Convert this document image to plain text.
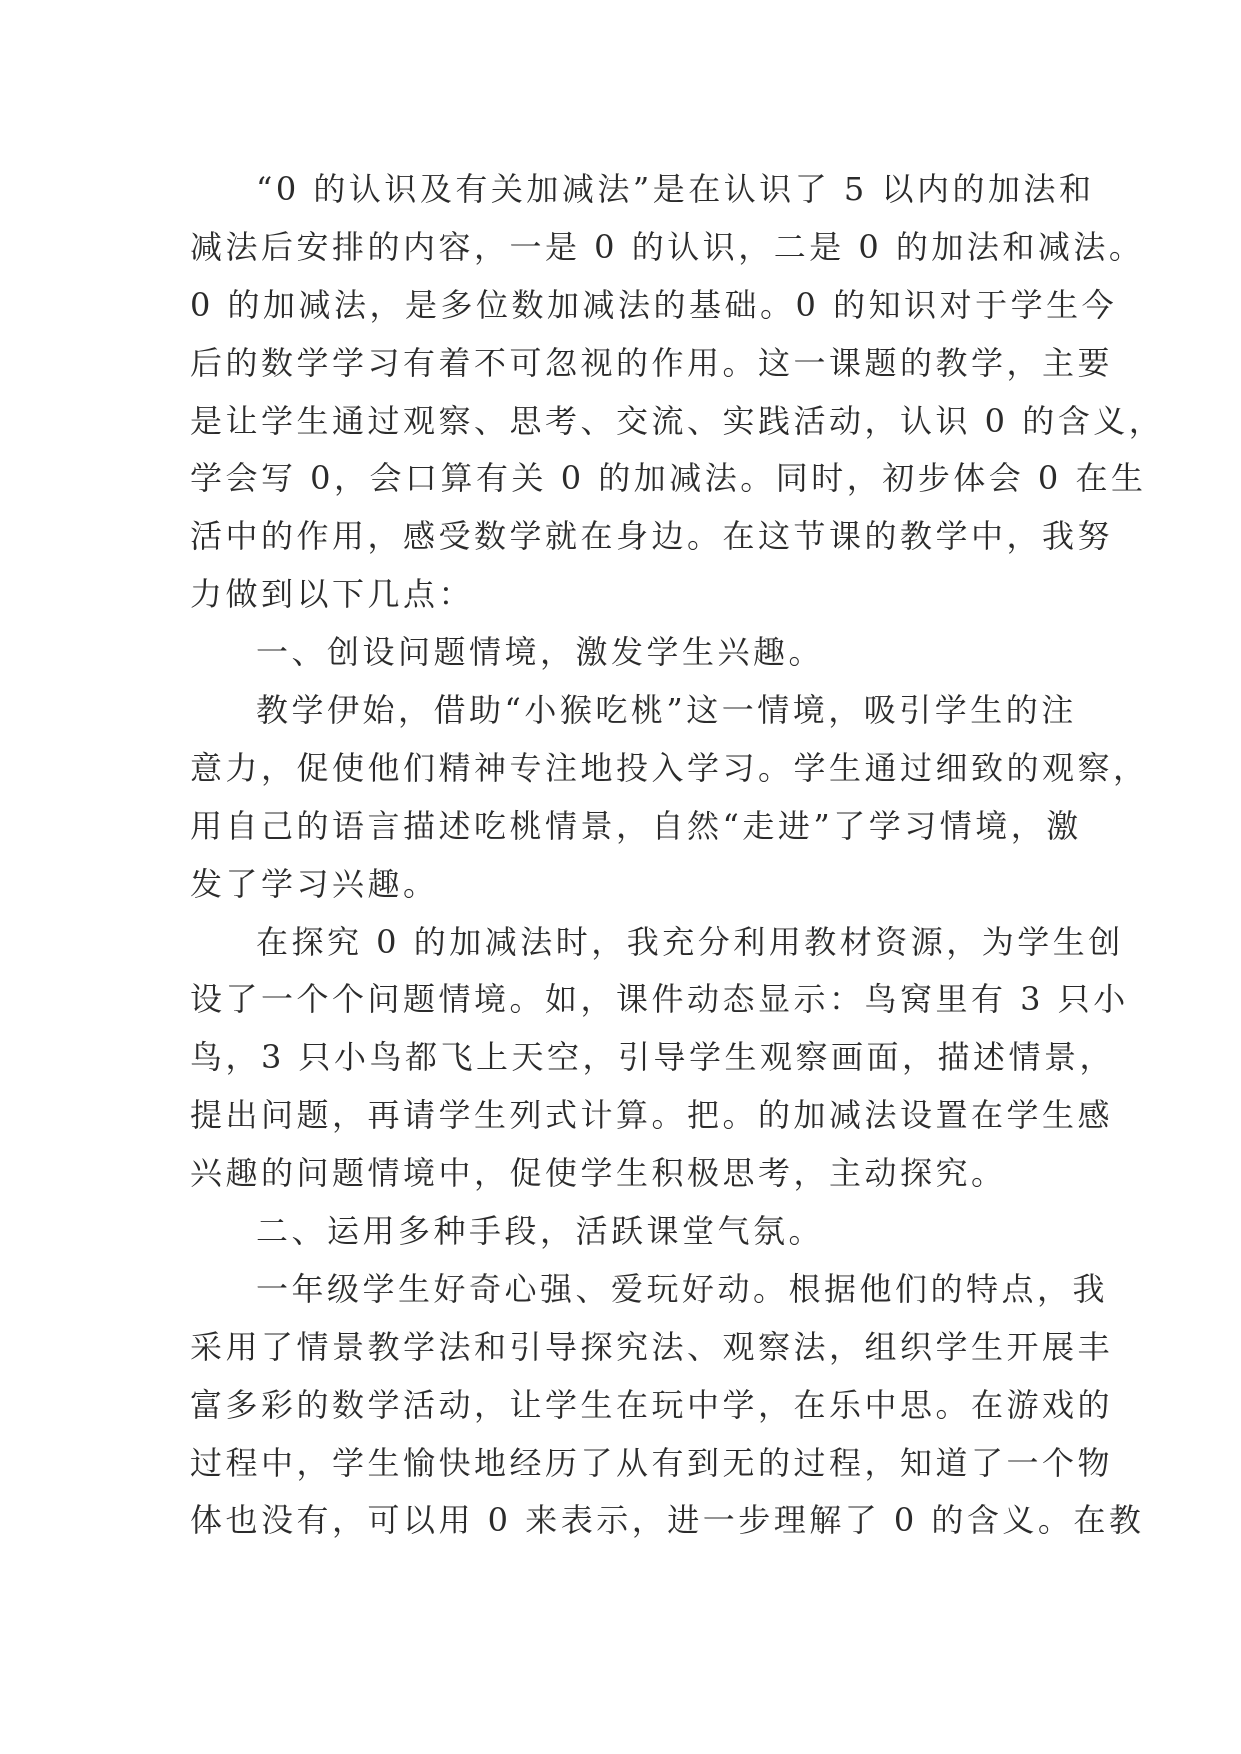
“0 的认识及有关加减法”是在认识了 5 以内的加法和
减法后安排的内容，一是 0 的认识，二是 0 的加法和减法。
0 的加减法，是多位数加减法的基础。0 的知识对于学生今
后的数学学习有着不可忽视的作用。这一课题的教学，主要
是让学生通过观察、思考、交流、实践活动，认识 0 的含义，
学会写 0，会口算有关 0 的加减法。同时，初步体会 0 在生
活中的作用，感受数学就在身边。在这节课的教学中，我努
力做到以下几点：
一、创设问题情境，激发学生兴趣。
教学伊始，借助“小猴吃桃”这一情境，吸引学生的注
意力，促使他们精神专注地投入学习。学生通过细致的观察，
用自己的语言描述吃桃情景，自然“走进”了学习情境，激
发了学习兴趣。
在探究 0 的加减法时，我充分利用教材资源，为学生创
设了一个个问题情境。如，课件动态显示：鸟窝里有 3 只小
鸟，3 只小鸟都飞上天空，引导学生观察画面，描述情景，
提出问题，再请学生列式计算。把。的加减法设置在学生感
兴趣的问题情境中，促使学生积极思考，主动探究。
二、运用多种手段，活跃课堂气氛。
一年级学生好奇心强、爱玩好动。根据他们的特点，我
采用了情景教学法和引导探究法、观察法，组织学生开展丰
富多彩的数学活动，让学生在玩中学，在乐中思。在游戏的
过程中，学生愉快地经历了从有到无的过程，知道了一个物
体也没有，可以用 0 来表示，进一步理解了 0 的含义。在教
